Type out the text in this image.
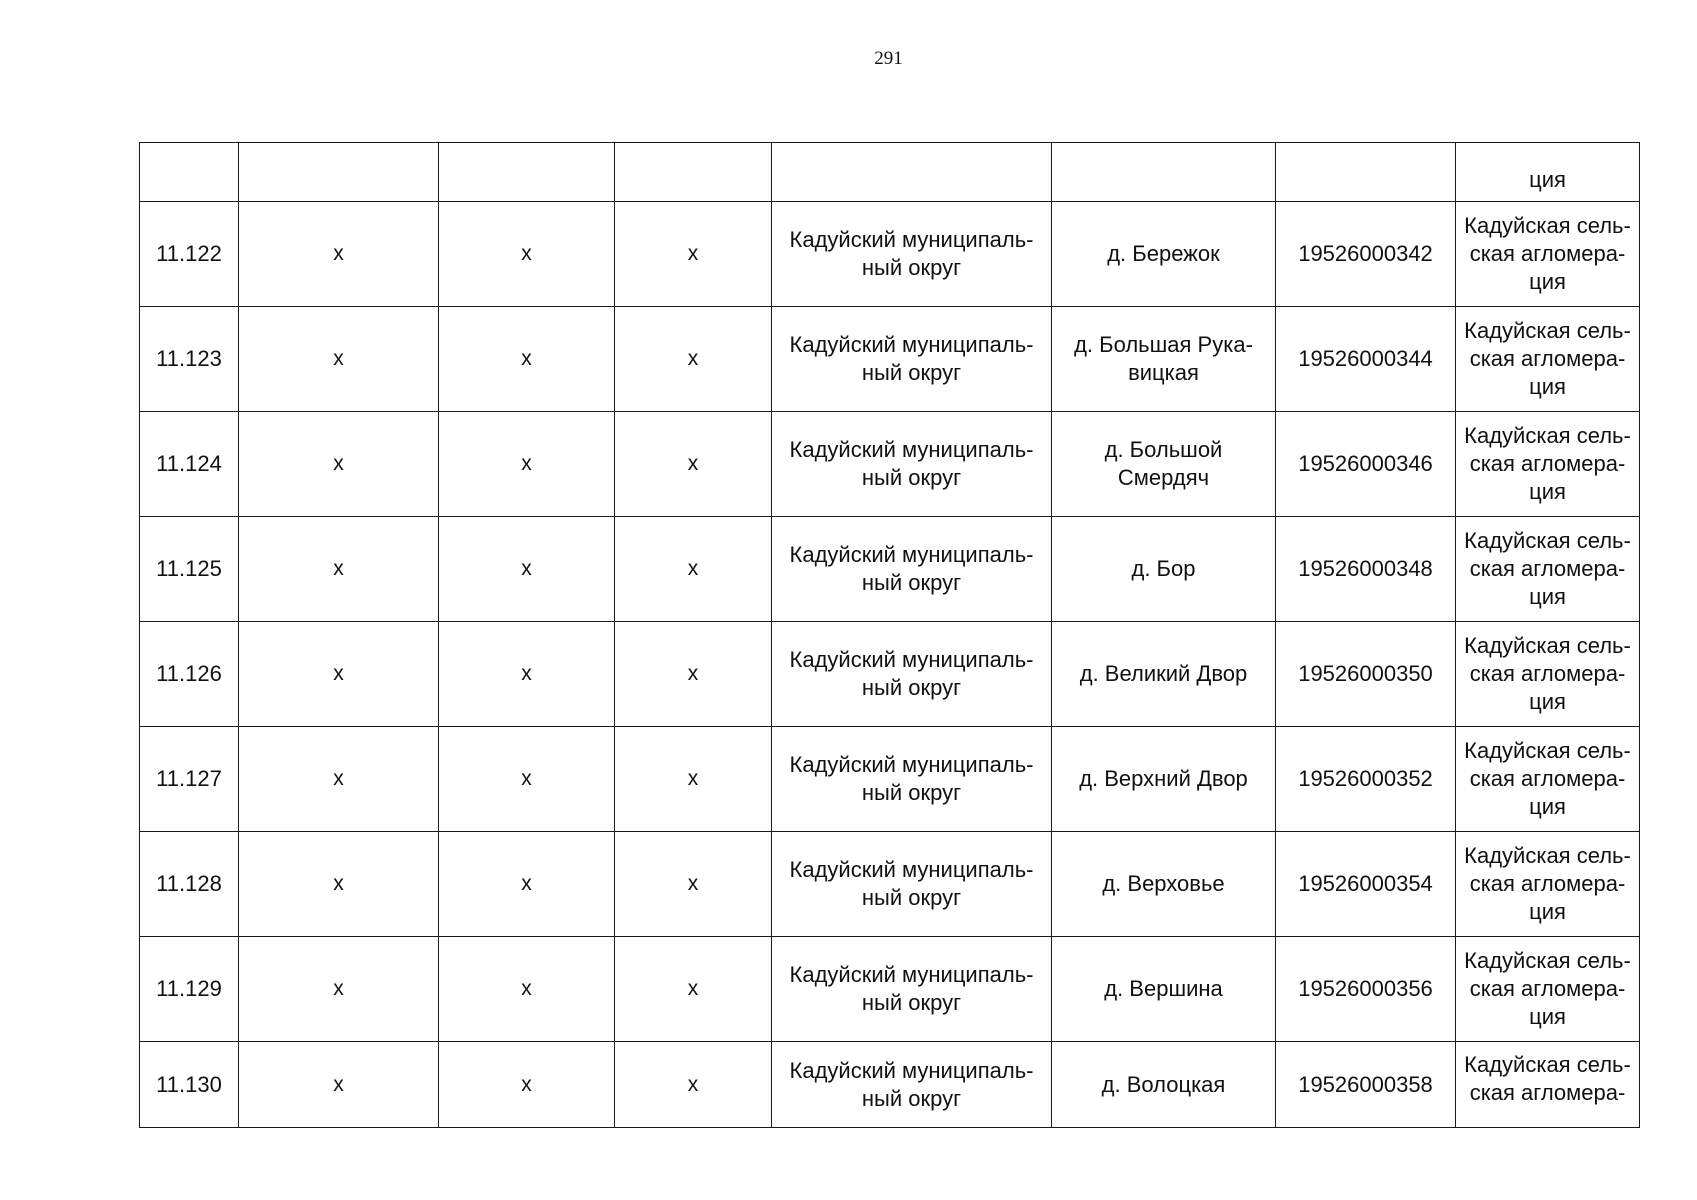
291
							ция
11.122	х	х	х	Кадуйский муниципаль-ный округ	д. Бережок	19526000342	Кадуйская сель-ская агломера-ция
11.123	х	х	х	Кадуйский муниципаль-ный округ	д. Большая Рука-вицкая	19526000344	Кадуйская сель-ская агломера-ция
11.124	х	х	х	Кадуйский муниципаль-ный округ	д. Большой Смердяч	19526000346	Кадуйская сель-ская агломера-ция
11.125	х	х	х	Кадуйский муниципаль-ный округ	д. Бор	19526000348	Кадуйская сель-ская агломера-ция
11.126	х	х	х	Кадуйский муниципаль-ный округ	д. Великий Двор	19526000350	Кадуйская сель-ская агломера-ция
11.127	х	х	х	Кадуйский муниципаль-ный округ	д. Верхний Двор	19526000352	Кадуйская сель-ская агломера-ция
11.128	х	х	х	Кадуйский муниципаль-ный округ	д. Верховье	19526000354	Кадуйская сель-ская агломера-ция
11.129	х	х	х	Кадуйский муниципаль-ный округ	д. Вершина	19526000356	Кадуйская сель-ская агломера-ция
11.130	х	х	х	Кадуйский муниципаль-ный округ	д. Волоцкая	19526000358	Кадуйская сель-ская агломера-
